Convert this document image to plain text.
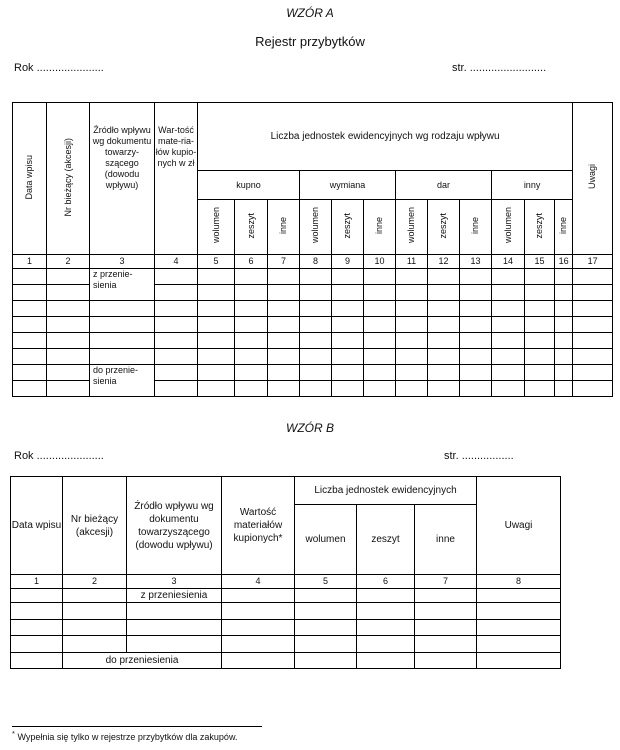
WZÓR A
Rejestr przybytków
Rok ......................	str. .........................
Data wpisu	Nr bieżący (akcesji)	Źródło wpływu wg dokumentu towarzy-szącego (dowodu wpływu)	War-tość mate-ria-łów kupio-nych w zł	Liczba jednostek ewidencyjnych wg rodzaju wpływu												Uwagi
				kupno			wymiana			dar			inny			
				wolumen	zeszyt	inne	wolumen	zeszyt	inne	wolumen	zeszyt	inne	wolumen	zeszyt	inne	
1	2	3	4	5	6	7	8	9	10	11	12	13	14	15	16	17
		z przenie-sienia														

		do przenie-sienia														

WZÓR B
Rok ......................	str. .................
Data wpisu	Nr bieżący (akcesji)	Źródło wpływu wg dokumentu towarzyszącego (dowodu wpływu)	Wartość materiałów kupionych*	Liczba jednostek ewidencyjnych			Uwagi
				wolumen	zeszyt	inne	
1	2	3	4	5	6	7	8
		z przeniesienia					

	do przeniesienia						
* Wypełnia się tylko w rejestrze przybytków dla zakupów.
